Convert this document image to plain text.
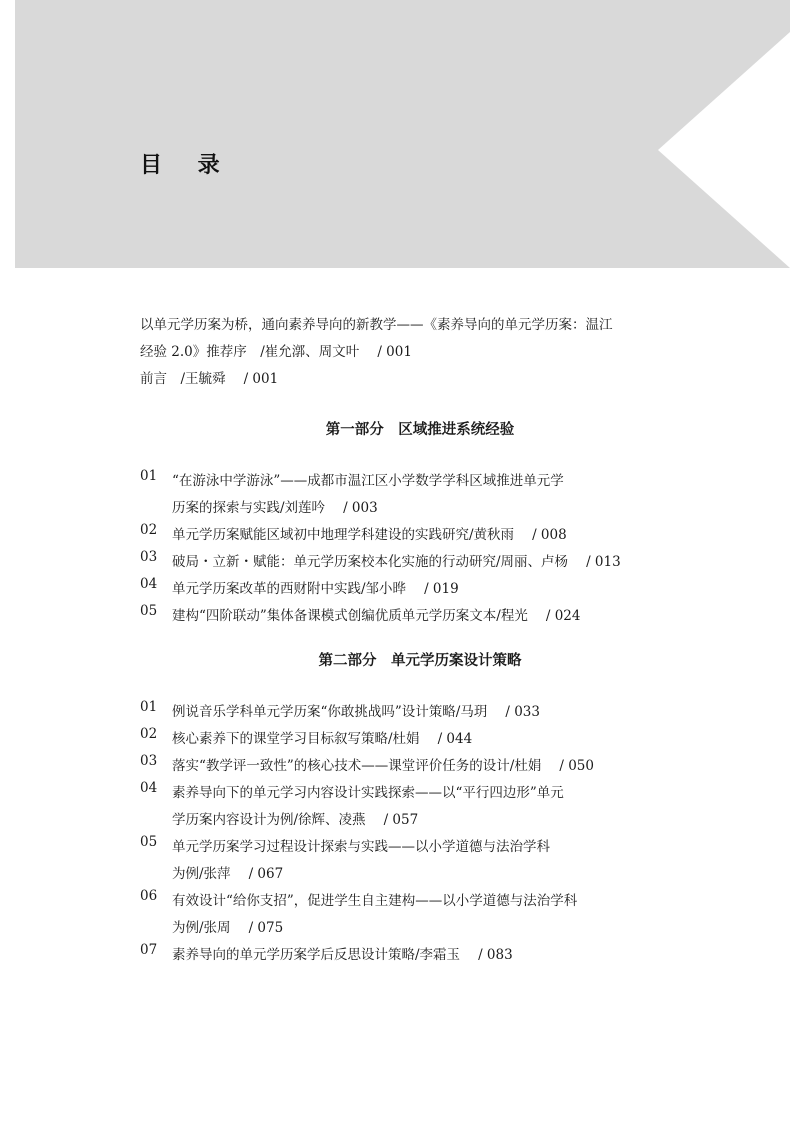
目 录
以单元学历案为桥，通向素养导向的新教学——《素养导向的单元学历案：温江
经验 2.0》推荐序　/崔允漷、周文叶 / 001
前言　/王毓舜 / 001
第一部分　区域推进系统经验
01	“在游泳中学游泳”——成都市温江区小学数学学科区域推进单元学
历案的探索与实践/刘莲吟 / 003
02	单元学历案赋能区域初中地理学科建设的实践研究/黄秋雨 / 008
03	破局・立新・赋能：单元学历案校本化实施的行动研究/周丽、卢杨 / 013
04	单元学历案改革的西财附中实践/邹小晔 / 019
05	建构“四阶联动”集体备课模式创编优质单元学历案文本/程光 / 024
第二部分　单元学历案设计策略
01	例说音乐学科单元学历案“你敢挑战吗”设计策略/马玥 / 033
02	核心素养下的课堂学习目标叙写策略/杜娟 / 044
03	落实“教学评一致性”的核心技术——课堂评价任务的设计/杜娟 / 050
04	素养导向下的单元学习内容设计实践探索——以“平行四边形”单元
学历案内容设计为例/徐辉、凌燕 / 057
05	单元学历案学习过程设计探索与实践——以小学道德与法治学科
为例/张萍 / 067
06	有效设计“给你支招”，促进学生自主建构——以小学道德与法治学科
为例/张周 / 075
07	素养导向的单元学历案学后反思设计策略/李霜玉 / 083
